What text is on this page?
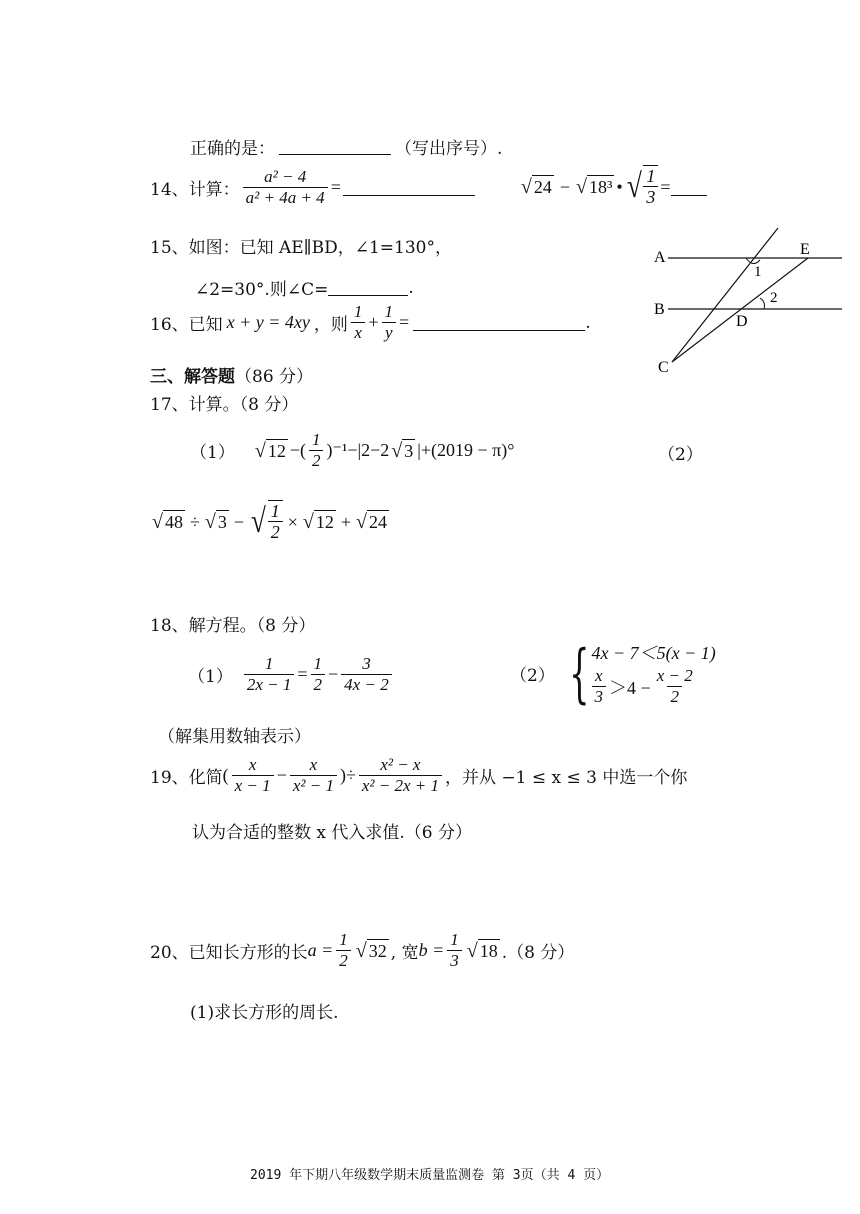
正确的是：	（写出序号）.
14、计算： $\frac{\text{a² − 4}}{\text{a² + 4a + 4}}$ =	√ 24 − √ 18³ • √ $\frac{1}{3}$ =
15、如图：已知 AE∥BD，∠1=130°，
∠2=30°.则∠C=	.
A
B
C
D
E
1
2
16、已知 x + y = 4xy ，则 $\frac{1}{x} + \frac{1}{y}$ =	.
三、解答题 （86 分）
17、计算。（8 分）
（1） √ 12 −( $\frac{1}{2} )^{-1}-|2-2$ √ 3 |+(2019 − π)°	（2）
√ 48 ÷ √ 3 − √ $\frac{1}{2}$ × √ 12 + √ 24
18、解方程。（8 分）
$(1) \frac{1}{2x - 1} = \frac{1}{2} - \frac{3}{4x - 2}$	（2） { 4x − 7＜5(x − 1)
$\frac{x}{3} >4 - \frac{x - 2}{2}$
（解集用数轴表示）
19、化简 ( $\frac{x}{x - 1} - \frac{x}{\text{x² − 1}}$ )÷ $\frac{\text{x² − x}}{\text{x² − 2x + 1}}$ ，并从 −1 ≤ x ≤ 3 中选一个你
认为合适的整数 x 代入求值.（6 分）
20、已知长方形的长 $a = \frac{1}{2}$ √ 32 , 宽 $b = \frac{1}{3}$ √ 18 .（8 分）
(1)求长方形的周长.
2019 年下期八年级数学期末质量监测卷 第 3页（共 4 页）
